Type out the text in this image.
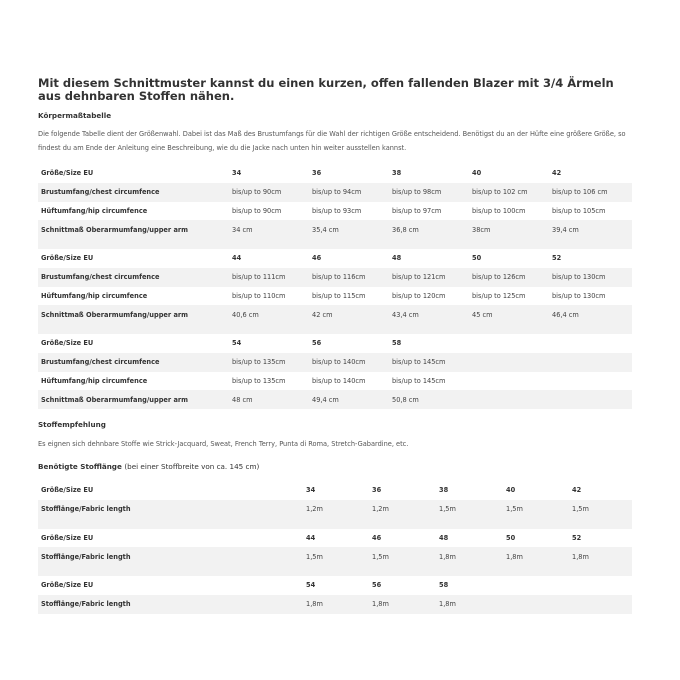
Mit diesem Schnittmuster kannst du einen kurzen, offen fallenden Blazer mit 3/4 Ärmeln aus dehnbaren Stoffen nähen.
Körpermaßtabelle
Die folgende Tabelle dient der Größenwahl. Dabei ist das Maß des Brustumfangs für die Wahl der richtigen Größe entscheidend. Benötigst du an der Hüfte eine größere Größe, so findest du am Ende der Anleitung eine Beschreibung, wie du die Jacke nach unten hin weiter ausstellen kannst.
Größe/Size EU	34	36	38	40	42
Brustumfang/chest circumfence	bis/up to 90cm	bis/up to 94cm	bis/up to 98cm	bis/up to 102 cm	bis/up to 106 cm
Hüftumfang/hip circumfence	bis/up to 90cm	bis/up to 93cm	bis/up to 97cm	bis/up to 100cm	bis/up to 105cm
Schnittmaß Oberarmumfang/upper arm	34 cm	35,4 cm	36,8 cm	38cm	39,4 cm

Größe/Size EU	44	46	48	50	52
Brustumfang/chest circumfence	bis/up to 111cm	bis/up to 116cm	bis/up to 121cm	bis/up to 126cm	bis/up to 130cm
Hüftumfang/hip circumfence	bis/up to 110cm	bis/up to 115cm	bis/up to 120cm	bis/up to 125cm	bis/up to 130cm
Schnittmaß Oberarmumfang/upper arm	40,6 cm	42 cm	43,4 cm	45 cm	46,4 cm

Größe/Size EU	54	56	58		
Brustumfang/chest circumfence	bis/up to 135cm	bis/up to 140cm	bis/up to 145cm		
Hüftumfang/hip circumfence	bis/up to 135cm	bis/up to 140cm	bis/up to 145cm		
Schnittmaß Oberarmumfang/upper arm	48 cm	49,4 cm	50,8 cm		
Stoffempfehlung
Es eignen sich dehnbare Stoffe wie Strick-Jacquard, Sweat, French Terry, Punta di Roma, Stretch-Gabardine, etc.
Benötigte Stofflänge (bei einer Stoffbreite von ca. 145 cm)
Größe/Size EU	34	36	38	40	42
Stofflänge/Fabric length	1,2m	1,2m	1,5m	1,5m	1,5m

Größe/Size EU	44	46	48	50	52
Stofflänge/Fabric length	1,5m	1,5m	1,8m	1,8m	1,8m

Größe/Size EU	54	56	58		
Stofflänge/Fabric length	1,8m	1,8m	1,8m		
